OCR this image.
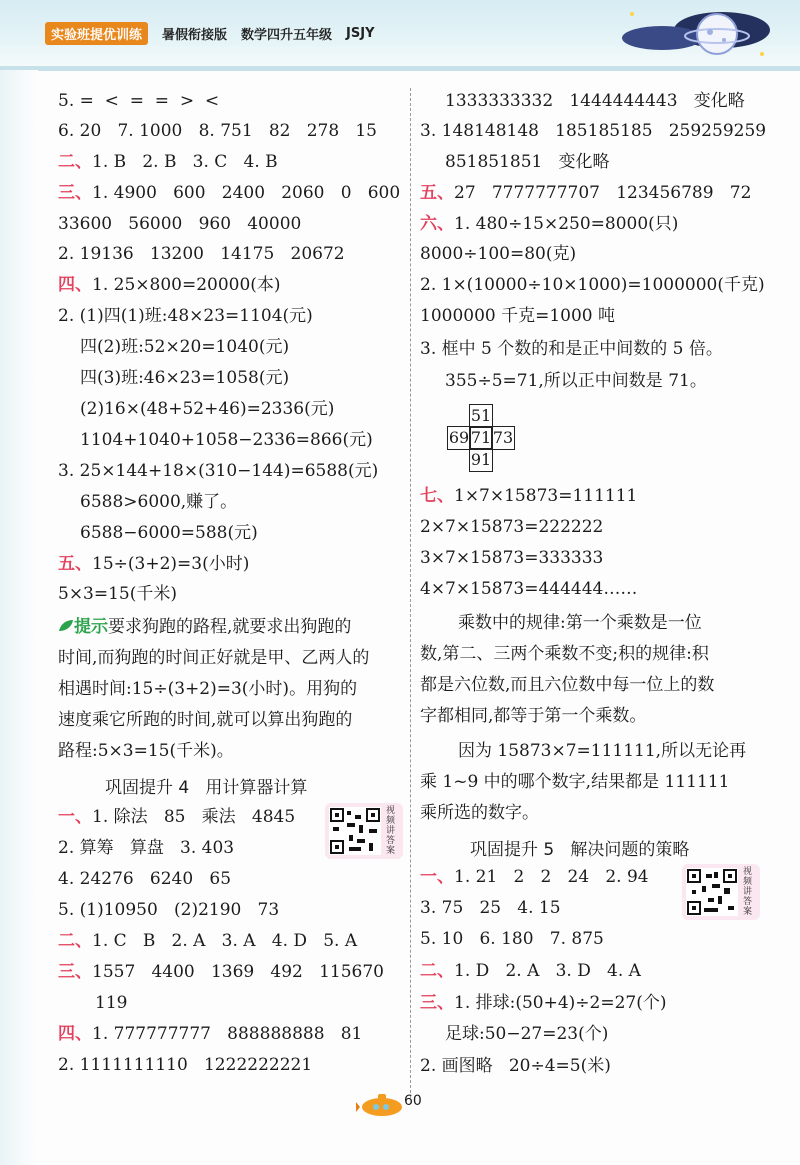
实验班提优训练	暑假衔接版 数学四升五年级 JSJY
5. =  <  =  =  >  <
6. 20   7. 1000   8. 751   82   278   15
二、1. B   2. B   3. C   4. B
三、1. 4900   600   2400   2060   0   600
33600   56000   960   40000
2. 19136   13200   14175   20672
四、1. 25×800=20000(本)
2. (1)四(1)班:48×23=1104(元)
四(2)班:52×20=1040(元)
四(3)班:46×23=1058(元)
(2)16×(48+52+46)=2336(元)
1104+1040+1058−2336=866(元)
3. 25×144+18×(310−144)=6588(元)
6588>6000,赚了。
6588−6000=588(元)
五、15÷(3+2)=3(小时)
5×3=15(千米)
提示要求狗跑的路程,就要求出狗跑的
时间,而狗跑的时间正好就是甲、乙两人的
相遇时间:15÷(3+2)=3(小时)。用狗的
速度乘它所跑的时间,就可以算出狗跑的
路程:5×3=15(千米)。
巩固提升 4   用计算器计算
一、1. 除法   85   乘法   4845
2. 算筹   算盘   3. 403
4. 24276   6240   65
5. (1)10950   (2)2190   73
二、1. C   B   2. A   3. A   4. D   5. A
三、1557   4400   1369   492   115670
119
四、1. 777777777   888888888   81
2. 1111111110   1222222221
视频讲答案
1333333332   1444444443   变化略
3. 148148148   185185185   259259259
851851851   变化略
五、27   7777777707   123456789   72
六、1. 480÷15×250=8000(只)
8000÷100=80(克)
2. 1×(10000÷10×1000)=1000000(千克)
1000000 千克=1000 吨
3. 框中 5 个数的和是正中间数的 5 倍。
355÷5=71,所以正中间数是 71。
51
69 71 73
91
七、1×7×15873=111111
2×7×15873=222222
3×7×15873=333333
4×7×15873=444444……
乘数中的规律:第一个乘数是一位
数,第二、三两个乘数不变;积的规律:积
都是六位数,而且六位数中每一位上的数
字都相同,都等于第一个乘数。
因为 15873×7=111111,所以无论再
乘 1~9 中的哪个数字,结果都是 111111
乘所选的数字。
巩固提升 5   解决问题的策略
一、1. 21   2   2   24   2. 94
3. 75   25   4. 15
5. 10   6. 180   7. 875
二、1. D   2. A   3. D   4. A
三、1. 排球:(50+4)÷2=27(个)
足球:50−27=23(个)
2. 画图略   20÷4=5(米)
视频讲答案
60
